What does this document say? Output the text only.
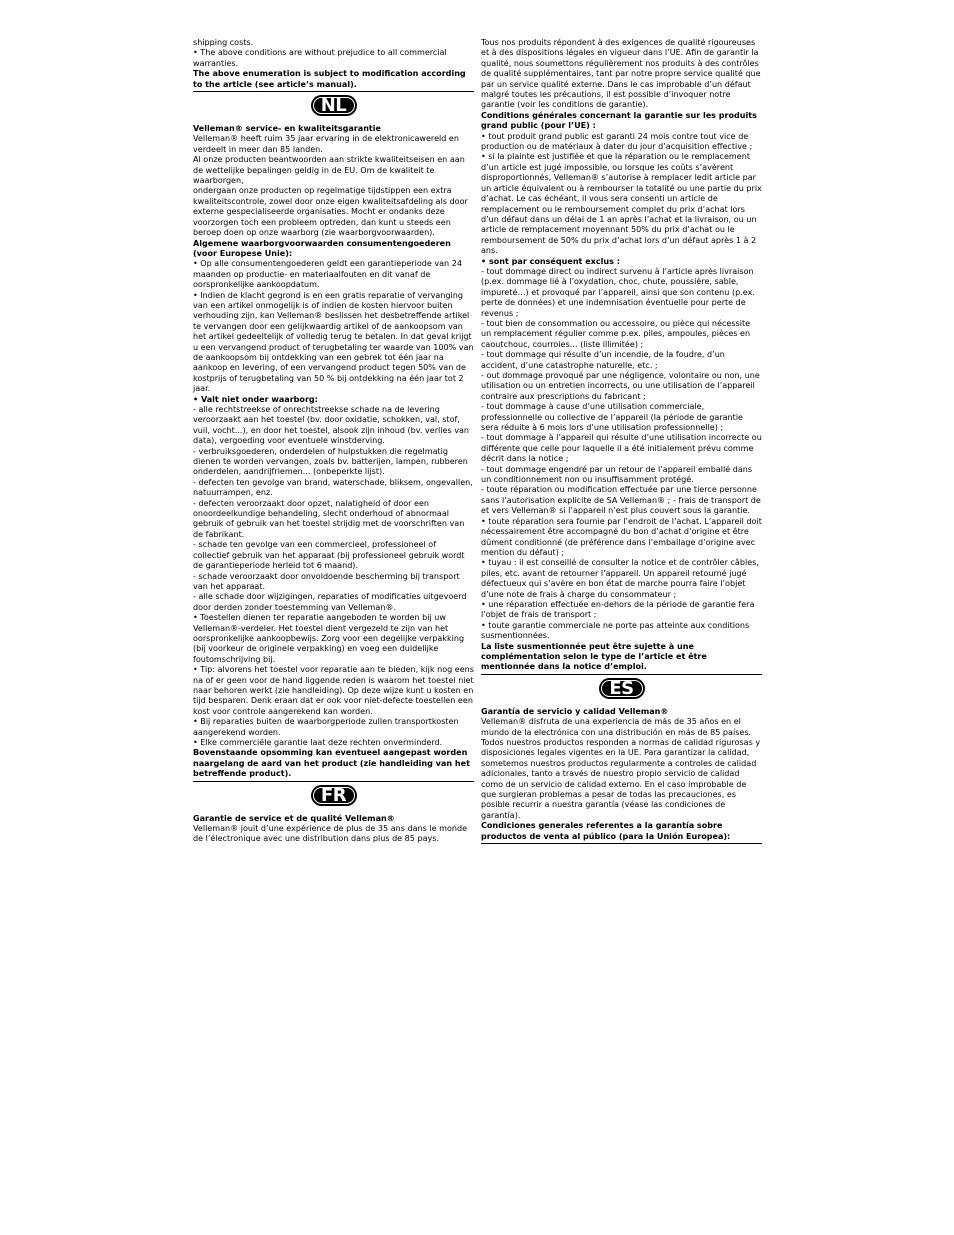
shipping costs.
• The above conditions are without prejudice to all commercial warranties.

The above enumeration is subject to modification according to the article (see article’s manual).

NL

Velleman® service- en kwaliteitsgarantie

Velleman® heeft ruim 35 jaar ervaring in de elektronicawereld en verdeelt in meer dan 85 landen.
Al onze producten beantwoorden aan strikte kwaliteitseisen en aan de wettelijke bepalingen geldig in de EU. Om de kwaliteit te waarborgen,
ondergaan onze producten op regelmatige tijdstippen een extra kwaliteitscontrole, zowel door onze eigen kwaliteitsafdeling als door externe gespecialiseerde organisaties. Mocht er ondanks deze voorzorgen toch een probleem optreden, dan kunt u steeds een beroep doen op onze waarborg (zie waarborgvoorwaarden).

Algemene waarborgvoorwaarden consumentengoederen (voor Europese Unie):

• Op alle consumentengoederen geldt een garantieperiode van 24 maanden op productie- en materiaalfouten en dit vanaf de oorspronkelijke aankoopdatum.
• Indien de klacht gegrond is en een gratis reparatie of vervanging van een artikel onmogelijk is of indien de kosten hiervoor buiten verhouding zijn, kan Velleman® beslissen het desbetreffende artikel te vervangen door een gelijkwaardig artikel of de aankoopsom van het artikel gedeeltelijk of volledig terug te betalen. In dat geval krijgt u een vervangend product of terugbetaling ter waarde van 100% van de aankoopsom bij ontdekking van een gebrek tot één jaar na aankoop en levering, of een vervangend product tegen 50% van de kostprijs of terugbetaling van 50 % bij ontdekking na één jaar tot 2 jaar.

• Valt niet onder waarborg:

- alle rechtstreekse of onrechtstreekse schade na de levering veroorzaakt aan het toestel (bv. door oxidatie, schokken, val, stof, vuil, vocht...), en door het toestel, alsook zijn inhoud (bv. verlies van data), vergoeding voor eventuele winstderving.
- verbruiksgoederen, onderdelen of hulpstukken die regelmatig dienen te worden vervangen, zoals bv. batterijen, lampen, rubberen onderdelen, aandrijfriemen... (onbeperkte lijst).
- defecten ten gevolge van brand, waterschade, bliksem, ongevallen, natuurrampen, enz.
- defecten veroorzaakt door opzet, nalatigheid of door een onoordeelkundige behandeling, slecht onderhoud of abnormaal gebruik of gebruik van het toestel strijdig met de voorschriften van de fabrikant.
- schade ten gevolge van een commercieel, professioneel of collectief gebruik van het apparaat (bij professioneel gebruik wordt de garantieperiode herleid tot 6 maand).
- schade veroorzaakt door onvoldoende bescherming bij transport van het apparaat.
- alle schade door wijzigingen, reparaties of modificaties uitgevoerd door derden zonder toestemming van Velleman®.
• Toestellen dienen ter reparatie aangeboden te worden bij uw Velleman®-verdeler. Het toestel dient vergezeld te zijn van het oorspronkelijke aankoopbewijs. Zorg voor een degelijke verpakking (bij voorkeur de originele verpakking) en voeg een duidelijke foutomschrijving bij.
• Tip: alvorens het toestel voor reparatie aan te bieden, kijk nog eens na of er geen voor de hand liggende reden is waarom het toestel niet naar behoren werkt (zie handleiding). Op deze wijze kunt u kosten en tijd besparen. Denk eraan dat er ook voor niet-defecte toestellen een kost voor controle aangerekend kan worden.
• Bij reparaties buiten de waarborgperiode zullen transportkosten aangerekend worden.
• Elke commerciële garantie laat deze rechten onverminderd.

Bovenstaande opsomming kan eventueel aangepast worden naargelang de aard van het product (zie handleiding van het betreffende product).

FR

Garantie de service et de qualité Velleman®

Velleman® jouit d’une expérience de plus de 35 ans dans le monde de l’électronique avec une distribution dans plus de 85 pays.

Tous nos produits répondent à des exigences de qualité rigoureuses et à des dispositions légales en vigueur dans l’UE. Afin de garantir la qualité, nous soumettons régulièrement nos produits à des contrôles de qualité supplémentaires, tant par notre propre service qualité que par un service qualité externe. Dans le cas improbable d’un défaut malgré toutes les précautions, il est possible d’invoquer notre garantie (voir les conditions de garantie).

Conditions générales concernant la garantie sur les produits grand public (pour l’UE) :

• tout produit grand public est garanti 24 mois contre tout vice de production ou de matériaux à dater du jour d’acquisition effective ;
• si la plainte est justifiée et que la réparation ou le remplacement d’un article est jugé impossible, ou lorsque les coûts s’avèrent disproportionnés, Velleman® s’autorise à remplacer ledit article par un article équivalent ou à rembourser la totalité ou une partie du prix d’achat. Le cas échéant, il vous sera consenti un article de remplacement ou le remboursement complet du prix d’achat lors d’un défaut dans un délai de 1 an après l’achat et la livraison, ou un article de remplacement moyennant 50% du prix d’achat ou le remboursement de 50% du prix d’achat lors d’un défaut après 1 à 2 ans.

• sont par conséquent exclus :

- tout dommage direct ou indirect survenu à l’article après livraison (p.ex. dommage lié à l’oxydation, choc, chute, poussière, sable, impureté…) et provoqué par l’appareil, ainsi que son contenu (p.ex. perte de données) et une indemnisation éventuelle pour perte de revenus ;
- tout bien de consommation ou accessoire, ou pièce qui nécessite un remplacement régulier comme p.ex. piles, ampoules, pièces en caoutchouc, courroies… (liste illimitée) ;
- tout dommage qui résulte d’un incendie, de la foudre, d’un accident, d’une catastrophe naturelle, etc. ;
- out dommage provoqué par une négligence, volontaire ou non, une utilisation ou un entretien incorrects, ou une utilisation de l’appareil contraire aux prescriptions du fabricant ;
- tout dommage à cause d’une utilisation commerciale, professionnelle ou collective de l’appareil (la période de garantie sera réduite à 6 mois lors d’une utilisation professionnelle) ;
- tout dommage à l’appareil qui résulte d’une utilisation incorrecte ou différente que celle pour laquelle il a été initialement prévu comme décrit dans la notice ;
- tout dommage engendré par un retour de l’appareil emballé dans un conditionnement non ou insuffisamment protégé.
- toute réparation ou modification effectuée par une tierce personne sans l’autorisation explicite de SA Velleman® ; - frais de transport de et vers Velleman® si l’appareil n’est plus couvert sous la garantie.
• toute réparation sera fournie par l’endroit de l’achat. L’appareil doit nécessairement être accompagné du bon d’achat d’origine et être dûment conditionné (de préférence dans l’emballage d’origine avec mention du défaut) ;
• tuyau : il est conseillé de consulter la notice et de contrôler câbles, piles, etc. avant de retourner l’appareil. Un appareil retourné jugé défectueux qui s’avère en bon état de marche pourra faire l’objet d’une note de frais à charge du consommateur ;
• une réparation effectuée en-dehors de la période de garantie fera l’objet de frais de transport ;
• toute garantie commerciale ne porte pas atteinte aux conditions susmentionnées.

La liste susmentionnée peut être sujette à une complémentation selon le type de l’article et être mentionnée dans la notice d’emploi.

ES

Garantía de servicio y calidad Velleman®

Velleman® disfruta de una experiencia de más de 35 años en el mundo de la electrónica con una distribución en más de 85 países. Todos nuestros productos responden a normas de calidad rigurosas y disposiciones legales vigentes en la UE. Para garantizar la calidad, sometemos nuestros productos regularmente a controles de calidad adicionales, tanto a través de nuestro propio servicio de calidad como de un servicio de calidad externo. En el caso improbable de que surgieran problemas a pesar de todas las precauciones, es posible recurrir a nuestra garantía (véase las condiciones de garantía).

Condiciones generales referentes a la garantía sobre productos de venta al público (para la Unión Europea):
